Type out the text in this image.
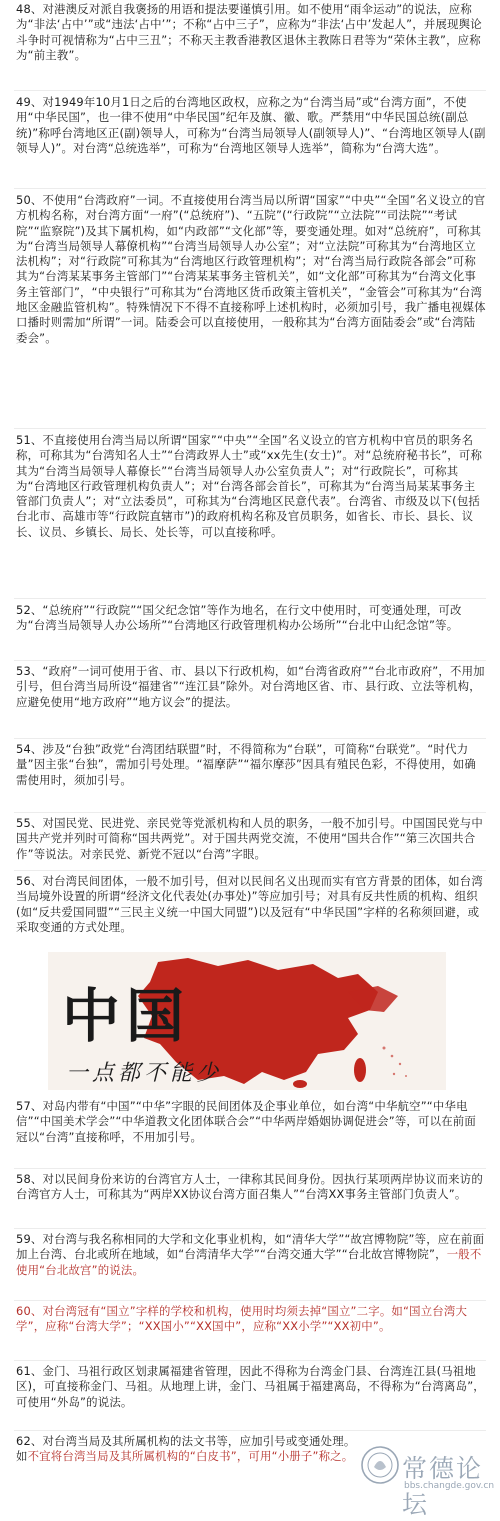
48、对港澳反对派自我褒扬的用语和提法要谨慎引用。如不使用“雨伞运动”的说法，应称为“非法‘占中’”或“违法‘占中’”；不称“占中三子”，应称为“非法‘占中’发起人”，并展现舆论斗争时可视情称为“占中三丑”；不称天主教香港教区退休主教陈日君等为“荣休主教”，应称为“前主教”。
49、对1949年10月1日之后的台湾地区政权，应称之为“台湾当局”或“台湾方面”，不使用“中华民国”，也一律不使用“中华民国”纪年及旗、徽、歌。严禁用“中华民国总统(副总统)”称呼台湾地区正(副)领导人，可称为“台湾当局领导人(副领导人)”、“台湾地区领导人(副领导人)”。对台湾“总统选举”，可称为“台湾地区领导人选举”，简称为“台湾大选”。
50、不使用“台湾政府”一词。不直接使用台湾当局以所谓“国家”“中央”“全国”名义设立的官方机构名称，对台湾方面“一府”(“总统府”)、“五院”(“行政院”“立法院”“司法院”“考试院”“监察院”)及其下属机构，如“内政部”“文化部”等，要变通处理。如对“总统府”，可称其为“台湾当局领导人幕僚机构”“台湾当局领导人办公室”；对“立法院”可称其为“台湾地区立法机构”；对“行政院”可称其为“台湾地区行政管理机构”；对“台湾当局行政院各部会”可称其为“台湾某某事务主管部门”“台湾某某事务主管机关”，如“文化部”可称其为“台湾文化事务主管部门”，“中央银行”可称其为“台湾地区货币政策主管机关”，“金管会”可称其为“台湾地区金融监管机构”。特殊情况下不得不直接称呼上述机构时，必须加引号，我广播电视媒体口播时则需加“所谓”一词。陆委会可以直接使用，一般称其为“台湾方面陆委会”或“台湾陆委会”。
51、不直接使用台湾当局以所谓“国家”“中央”“全国”名义设立的官方机构中官员的职务名称，可称其为“台湾知名人士”“台湾政界人士”或“xx先生(女士)”。对“总统府秘书长”，可称其为“台湾当局领导人幕僚长”“台湾当局领导人办公室负责人”；对“行政院长”，可称其为“台湾地区行政管理机构负责人”；对“台湾各部会首长”，可称其为“台湾当局某某事务主管部门负责人”；对“立法委员”，可称其为“台湾地区民意代表”。台湾省、市级及以下(包括台北市、高雄市等“行政院直辖市”)的政府机构名称及官员职务，如省长、市长、县长、议长、议员、乡镇长、局长、处长等，可以直接称呼。
52、“总统府”“行政院”“国父纪念馆”等作为地名，在行文中使用时，可变通处理，可改为“台湾当局领导人办公场所”“台湾地区行政管理机构办公场所”“台北中山纪念馆”等。
53、“政府”一词可使用于省、市、县以下行政机构，如“台湾省政府”“台北市政府”，不用加引号，但台湾当局所设“福建省”“连江县”除外。对台湾地区省、市、县行政、立法等机构，应避免使用“地方政府”“地方议会”的提法。
54、涉及“台独”政党“台湾团结联盟”时，不得简称为“台联”，可简称“台联党”。“时代力量”因主张“台独”，需加引号处理。“福摩萨”“福尔摩莎”因具有殖民色彩，不得使用，如确需使用时，须加引号。
55、对国民党、民进党、亲民党等党派机构和人员的职务，一般不加引号。中国国民党与中国共产党并列时可简称“国共两党”。对于国共两党交流，不使用“国共合作”“第三次国共合作”等说法。对亲民党、新党不冠以“台湾”字眼。
56、对台湾民间团体，一般不加引号，但对以民间名义出现而实有官方背景的团体，如台湾当局境外设置的所谓“经济文化代表处(办事处)”等应加引号；对具有反共性质的机构、组织(如“反共爱国同盟”“三民主义统一中国大同盟”)以及冠有“中华民国”字样的名称须回避，或采取变通的方式处理。
中国
一点都不能少
57、对岛内带有“中国”“中华”字眼的民间团体及企事业单位，如台湾“中华航空”“中华电信”“中国美术学会”“中华道教文化团体联合会”“中华两岸婚姻协调促进会”等，可以在前面冠以“台湾”直接称呼，不用加引号。
58、对以民间身份来访的台湾官方人士，一律称其民间身份。因执行某项两岸协议而来访的台湾官方人士，可称其为“两岸XX协议台湾方面召集人”“台湾XX事务主管部门负责人”。
59、对台湾与我名称相同的大学和文化事业机构，如“清华大学”“故宫博物院”等，应在前面加上台湾、台北或所在地域，如“台湾清华大学”“台湾交通大学”“台北故宫博物院”，一般不使用“台北故宫”的说法。
60、对台湾冠有“国立”字样的学校和机构，使用时均须去掉“国立”二字。如“国立台湾大学”，应称“台湾大学”；“XX国小”“XX国中”，应称“XX小学”“XX初中”。
61、金门、马祖行政区划隶属福建省管理，因此不得称为台湾金门县、台湾连江县(马祖地区)，可直接称金门、马祖。从地理上讲，金门、马祖属于福建离岛，不得称为“台湾离岛”，可使用“外岛”的说法。
62、对台湾当局及其所属机构的法文书等，应加引号或变通处理。如不宜将台湾当局及其所属机构的“白皮书”，可用“小册子”称之。 常德论坛
bbs.changde.gov.cn
